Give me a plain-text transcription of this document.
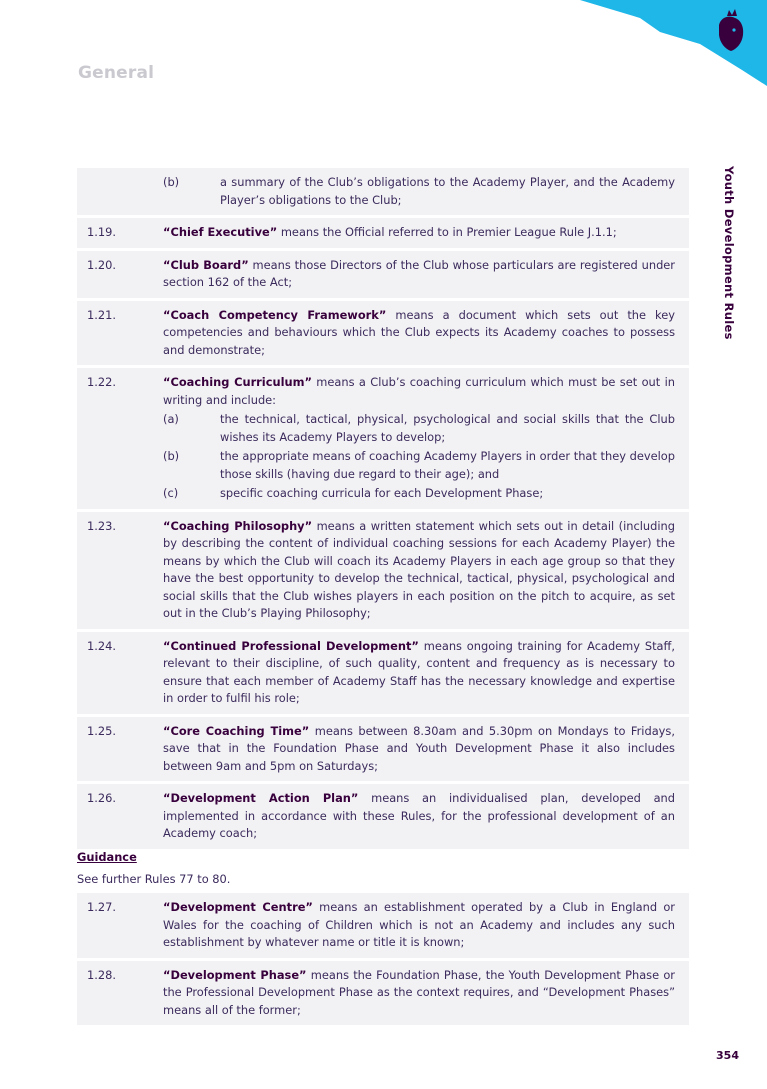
General
Youth Development Rules
(b)	a summary of the Club’s obligations to the Academy Player, and the Academy Player’s obligations to the Club;
1.19.	“Chief Executive” means the Official referred to in Premier League Rule J.1.1;
1.20.	“Club Board” means those Directors of the Club whose particulars are registered under section 162 of the Act;
1.21.	“Coach Competency Framework” means a document which sets out the key competencies and behaviours which the Club expects its Academy coaches to possess and demonstrate;
1.22.	“Coaching Curriculum” means a Club’s coaching curriculum which must be set out in writing and include:
(a)	the technical, tactical, physical, psychological and social skills that the Club wishes its Academy Players to develop;
(b)	the appropriate means of coaching Academy Players in order that they develop those skills (having due regard to their age); and
(c)	specific coaching curricula for each Development Phase;
1.23.	“Coaching Philosophy” means a written statement which sets out in detail (including by describing the content of individual coaching sessions for each Academy Player) the means by which the Club will coach its Academy Players in each age group so that they have the best opportunity to develop the technical, tactical, physical, psychological and social skills that the Club wishes players in each position on the pitch to acquire, as set out in the Club’s Playing Philosophy;
1.24.	“Continued Professional Development” means ongoing training for Academy Staff, relevant to their discipline, of such quality, content and frequency as is necessary to ensure that each member of Academy Staff has the necessary knowledge and expertise in order to fulfil his role;
1.25.	“Core Coaching Time” means between 8.30am and 5.30pm on Mondays to Fridays, save that in the Foundation Phase and Youth Development Phase it also includes between 9am and 5pm on Saturdays;
1.26.	“Development Action Plan” means an individualised plan, developed and implemented in accordance with these Rules, for the professional development of an Academy coach;
Guidance
See further Rules 77 to 80.
1.27.	“Development Centre” means an establishment operated by a Club in England or Wales for the coaching of Children which is not an Academy and includes any such establishment by whatever name or title it is known;
1.28.	“Development Phase” means the Foundation Phase, the Youth Development Phase or the Professional Development Phase as the context requires, and “Development Phases” means all of the former;
354
